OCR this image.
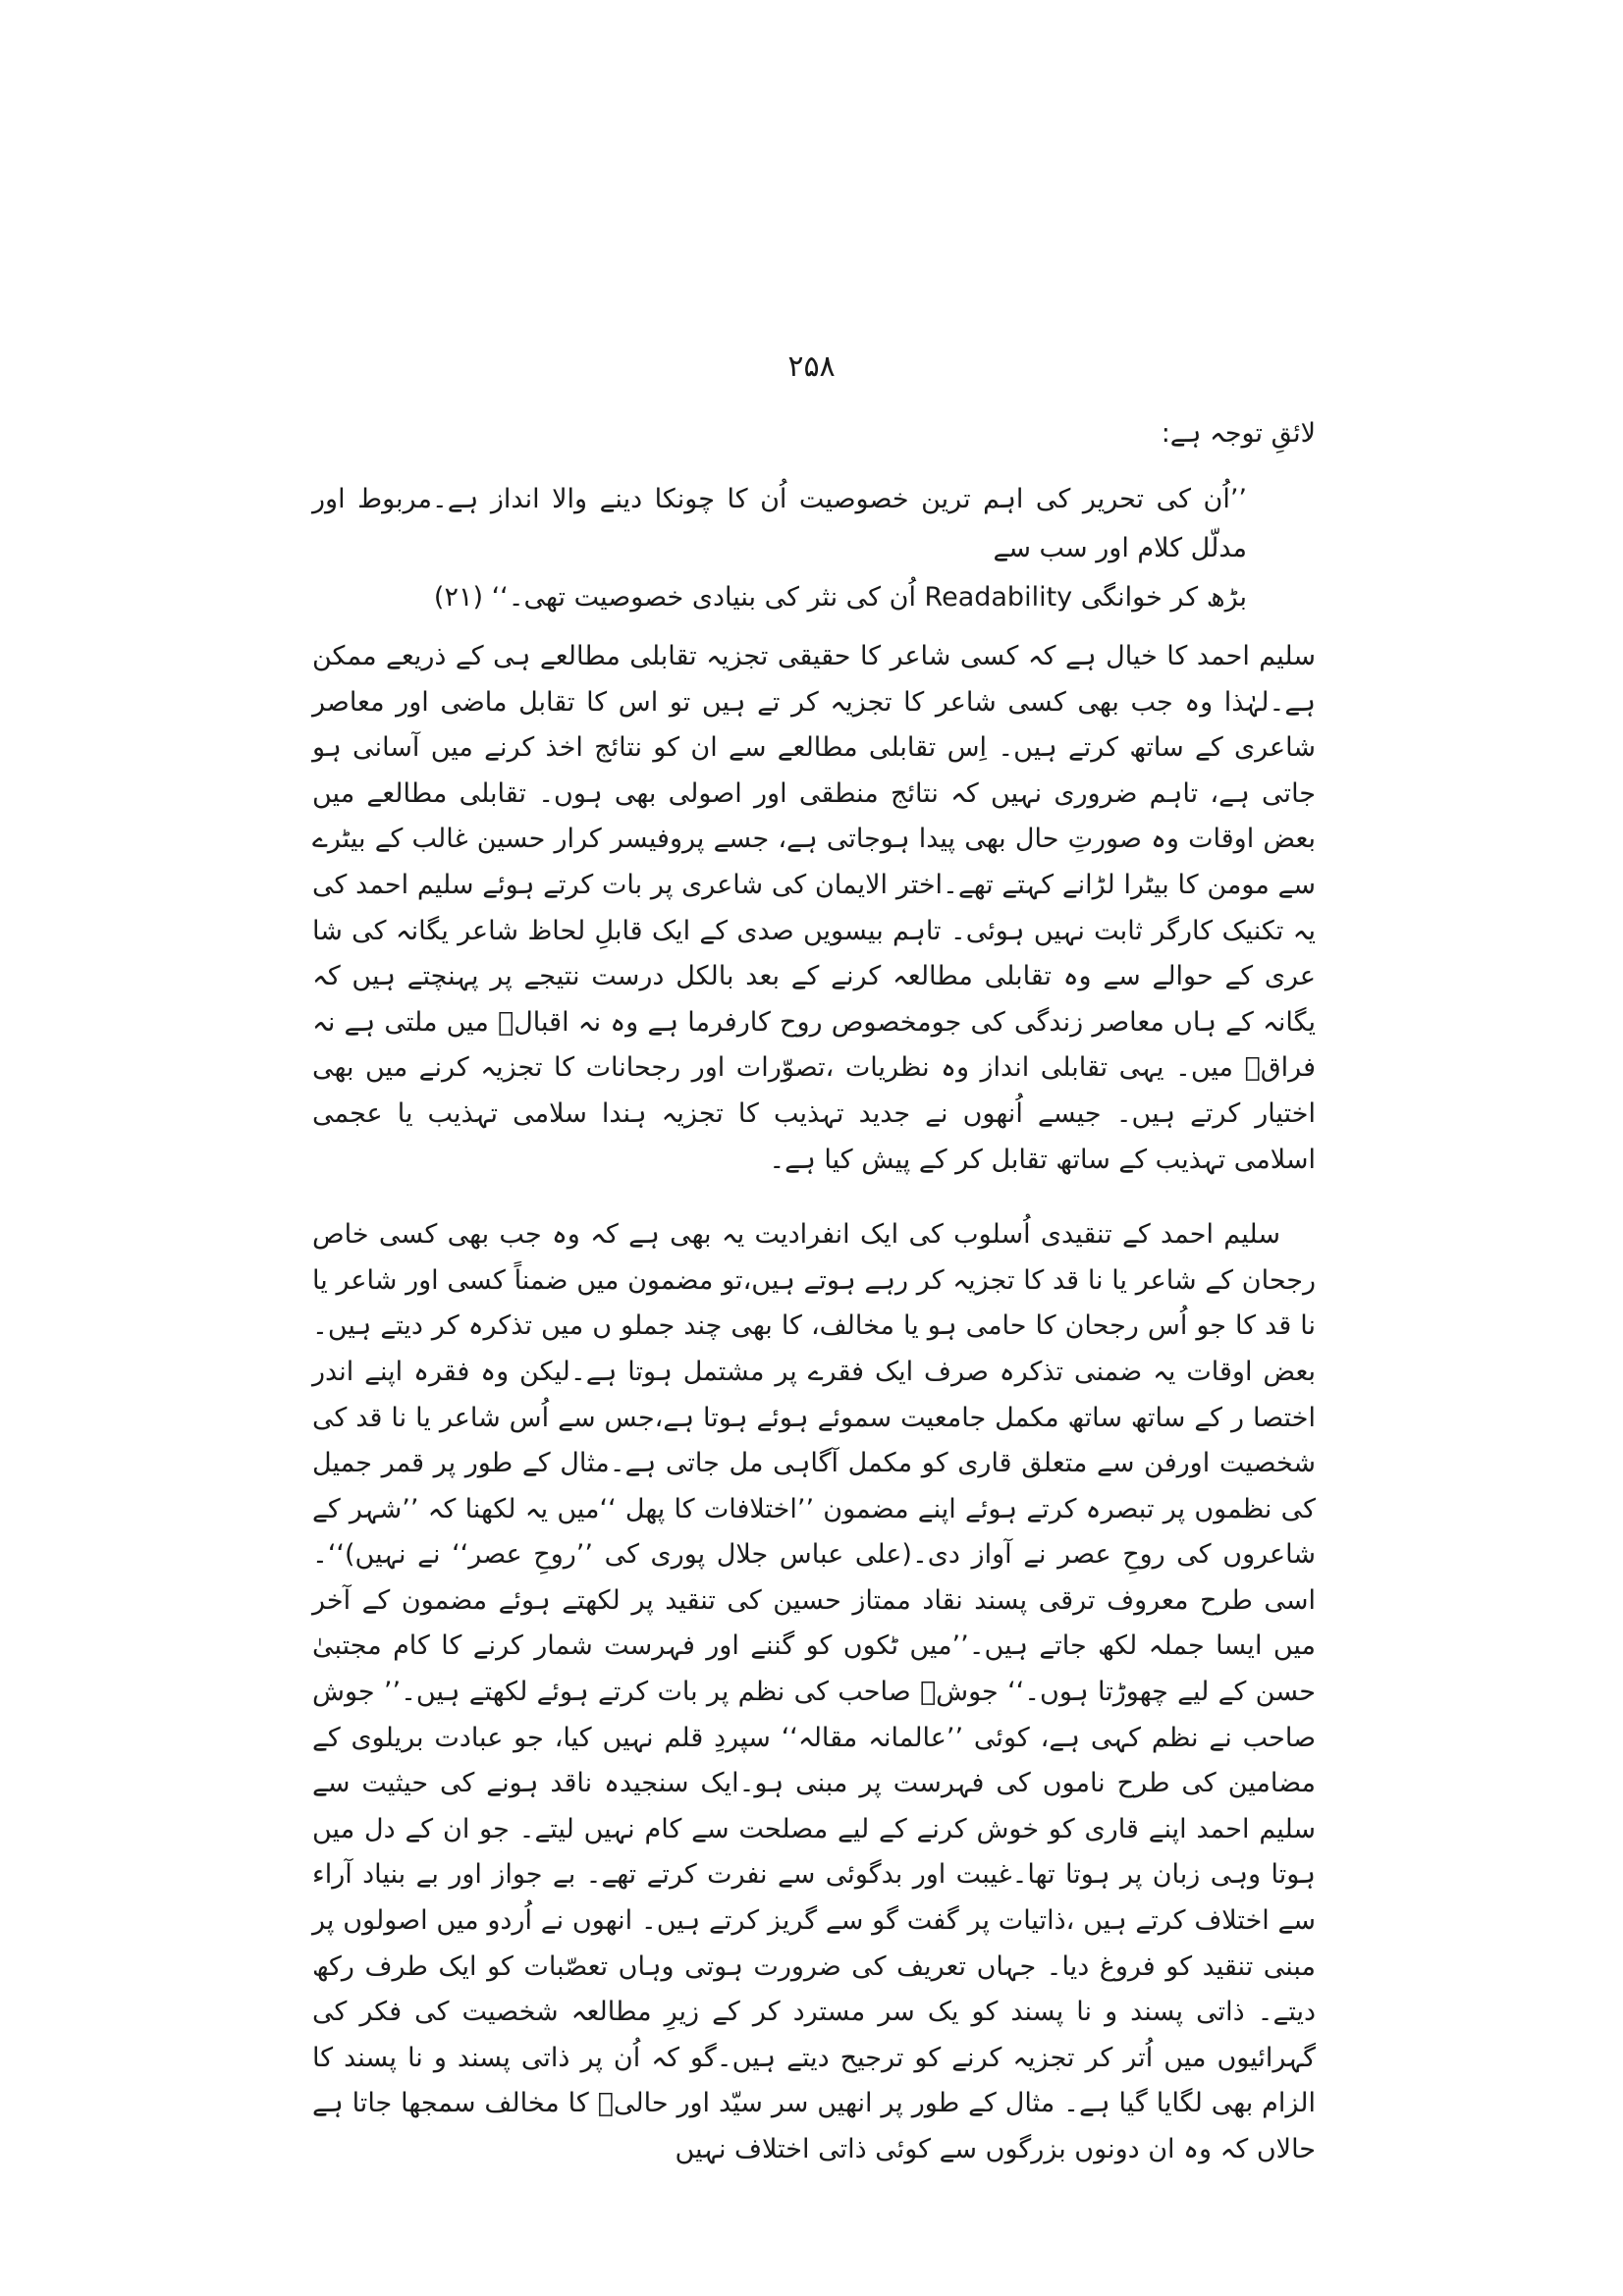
۲۵۸

لائقِ توجہ ہے:

’’اُن کی تحریر کی اہم ترین خصوصیت اُن کا چونکا دینے والا انداز ہے۔مربوط اور مدلّل کلام اور سب سے
بڑھ کر خوانگی Readability اُن کی نثر کی بنیادی خصوصیت تھی۔‘‘ (۲۱)

سلیم احمد کا خیال ہے کہ کسی شاعر کا حقیقی تجزیہ تقابلی مطالعے ہی کے ذریعے ممکن ہے۔لہٰذا وہ جب بھی کسی شاعر کا تجزیہ کر تے ہیں تو اس کا تقابل ماضی اور معاصر شاعری کے ساتھ کرتے ہیں۔ اِس تقابلی مطالعے سے ان کو نتائج اخذ کرنے میں آسانی ہو جاتی ہے، تاہم ضروری نہیں کہ نتائج منطقی اور اصولی بھی ہوں۔ تقابلی مطالعے میں بعض اوقات وہ صورتِ حال بھی پیدا ہوجاتی ہے، جسے پروفیسر کرار حسین غالب کے بیٹرے سے مومن کا بیٹرا لڑانے کہتے تھے۔اختر الایمان کی شاعری پر بات کرتے ہوئے سلیم احمد کی یہ تکنیک کارگر ثابت نہیں ہوئی۔ تاہم بیسویں صدی کے ایک قابلِ لحاظ شاعر یگانہ کی شا عری کے حوالے سے وہ تقابلی مطالعہ کرنے کے بعد بالکل درست نتیجے پر پہنچتے ہیں کہ یگانہ کے ہاں معاصر زندگی کی جومخصوص روح کارفرما ہے وہ نہ اقبالؔ میں ملتی ہے نہ فراقؔ میں۔ یہی تقابلی انداز وہ نظریات ،تصوّرات اور رجحانات کا تجزیہ کرنے میں بھی اختیار کرتے ہیں۔ جیسے اُنھوں نے جدید تہذیب کا تجزیہ ہندا سلامی تہذیب یا عجمی اسلامی تہذیب کے ساتھ تقابل کر کے پیش کیا ہے۔

سلیم احمد کے تنقیدی اُسلوب کی ایک انفرادیت یہ بھی ہے کہ وہ جب بھی کسی خاص رجحان کے شاعر یا نا قد کا تجزیہ کر رہے ہوتے ہیں،تو مضمون میں ضمناً کسی اور شاعر یا نا قد کا جو اُس رجحان کا حامی ہو یا مخالف، کا بھی چند جملو ں میں تذکرہ کر دیتے ہیں۔بعض اوقات یہ ضمنی تذکرہ صرف ایک فقرے پر مشتمل ہوتا ہے۔لیکن وہ فقرہ اپنے اندر اختصا ر کے ساتھ ساتھ مکمل جامعیت سموئے ہوئے ہوتا ہے،جس سے اُس شاعر یا نا قد کی شخصیت اورفن سے متعلق قاری کو مکمل آگاہی مل جاتی ہے۔مثال کے طور پر قمر جمیل کی نظموں پر تبصرہ کرتے ہوئے اپنے مضمون ’’اختلافات کا پھل ‘‘میں یہ لکھنا کہ ’’شہر کے شاعروں کی روحِ عصر نے آواز دی۔(علی عباس جلال پوری کی ’’روحِ عصر‘‘ نے نہیں)‘‘۔اسی طرح معروف ترقی پسند نقاد ممتاز حسین کی تنقید پر لکھتے ہوئے مضمون کے آخر میں ایسا جملہ لکھ جاتے ہیں۔’’میں ٹکوں کو گننے اور فہرست شمار کرنے کا کام مجتبیٰ حسن کے لیے چھوڑتا ہوں۔‘‘ جوشؔ صاحب کی نظم پر بات کرتے ہوئے لکھتے ہیں۔’’ جوش صاحب نے نظم کہی ہے، کوئی ’’عالمانہ مقالہ‘‘ سپردِ قلم نہیں کیا، جو عبادت بریلوی کے مضامین کی طرح ناموں کی فہرست پر مبنی ہو۔ایک سنجیدہ ناقد ہونے کی حیثیت سے سلیم احمد اپنے قاری کو خوش کرنے کے لیے مصلحت سے کام نہیں لیتے۔ جو ان کے دل میں ہوتا وہی زبان پر ہوتا تھا۔غیبت اور بدگوئی سے نفرت کرتے تھے۔ بے جواز اور بے بنیاد آراء سے اختلاف کرتے ہیں ،ذاتیات پر گفت گو سے گریز کرتے ہیں۔ انھوں نے اُردو میں اصولوں پر مبنی تنقید کو فروغ دیا۔ جہاں تعریف کی ضرورت ہوتی وہاں تعصّبات کو ایک طرف رکھ دیتے۔ ذاتی پسند و نا پسند کو یک سر مسترد کر کے زیرِ مطالعہ شخصیت کی فکر کی گہرائیوں میں اُتر کر تجزیہ کرنے کو ترجیح دیتے ہیں۔گو کہ اُن پر ذاتی پسند و نا پسند کا الزام بھی لگایا گیا ہے۔ مثال کے طور پر انھیں سر سیّد اور حالیؔ کا مخالف سمجھا جاتا ہے حالاں کہ وہ ان دونوں بزرگوں سے کوئی ذاتی اختلاف نہیں
